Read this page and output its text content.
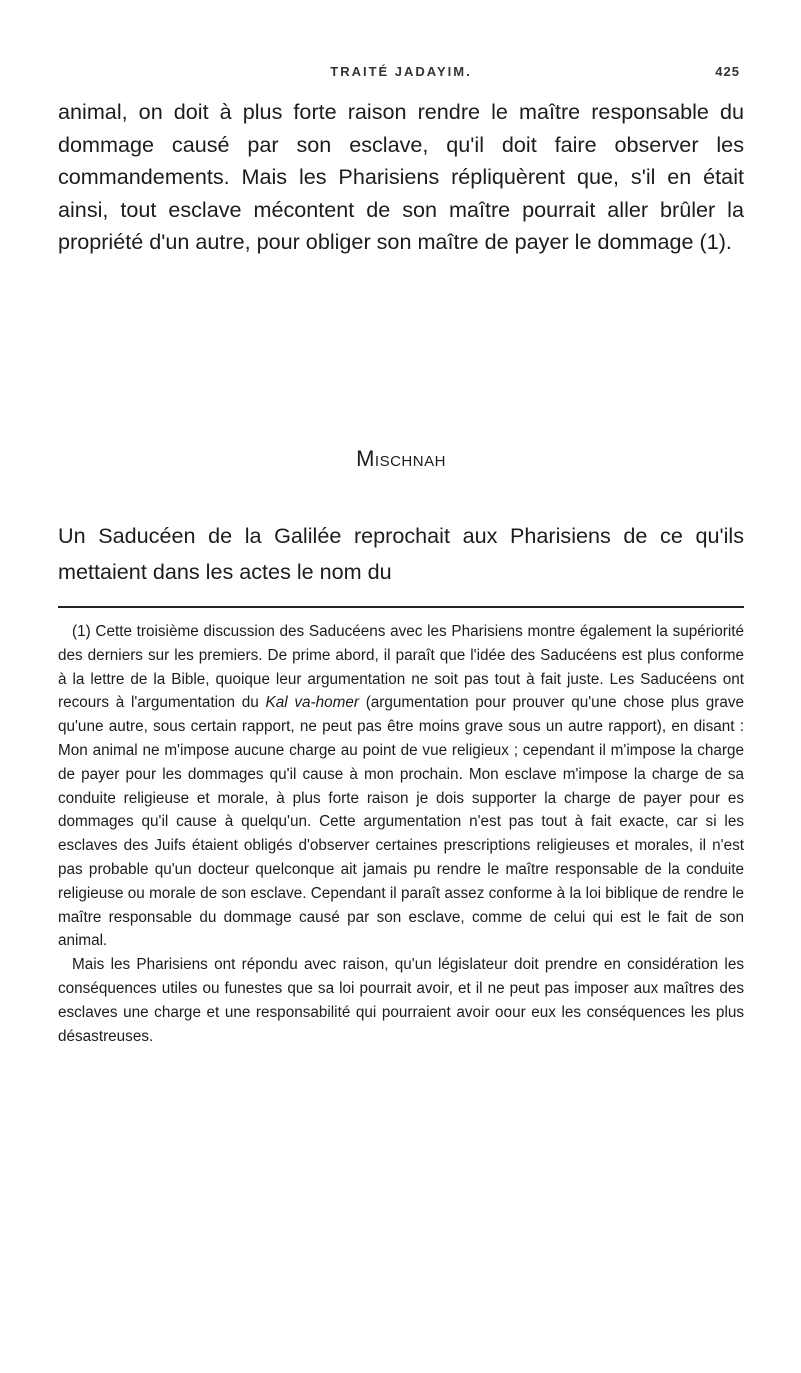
TRAITÉ JADAYIM.	425

animal, on doit à plus forte raison rendre le maître responsable du dommage causé par son esclave, qu'il doit faire observer les commandements. Mais les Pharisiens répliquèrent que, s'il en était ainsi, tout esclave mécontent de son maître pourrait aller brûler la propriété d'un autre, pour obliger son maître de payer le dommage (1).

Mischnah

Un Saducéen de la Galilée reprochait aux Pharisiens de ce qu'ils mettaient dans les actes le nom du

(1) Cette troisième discussion des Saducéens avec les Pharisiens montre également la supériorité des derniers sur les premiers. De prime abord, il paraît que l'idée des Saducéens est plus conforme à la lettre de la Bible, quoique leur argumentation ne soit pas tout à fait juste. Les Saducéens ont recours à l'argumentation du Kal va-homer (argumentation pour prouver qu'une chose plus grave qu'une autre, sous certain rapport, ne peut pas être moins grave sous un autre rapport), en disant : Mon animal ne m'impose aucune charge au point de vue religieux ; cependant il m'impose la charge de payer pour les dommages qu'il cause à mon prochain. Mon esclave m'impose la charge de sa conduite religieuse et morale, à plus forte raison je dois supporter la charge de payer pour es dommages qu'il cause à quelqu'un. Cette argumentation n'est pas tout à fait exacte, car si les esclaves des Juifs étaient obligés d'observer certaines prescriptions religieuses et morales, il n'est pas probable qu'un docteur quelconque ait jamais pu rendre le maître responsable de la conduite religieuse ou morale de son esclave. Cependant il paraît assez conforme à la loi biblique de rendre le maître responsable du dommage causé par son esclave, comme de celui qui est le fait de son animal.

Mais les Pharisiens ont répondu avec raison, qu'un législateur doit prendre en considération les conséquences utiles ou funestes que sa loi pourrait avoir, et il ne peut pas imposer aux maîtres des esclaves une charge et une responsabilité qui pourraient avoir oour eux les conséquences les plus désastreuses.
